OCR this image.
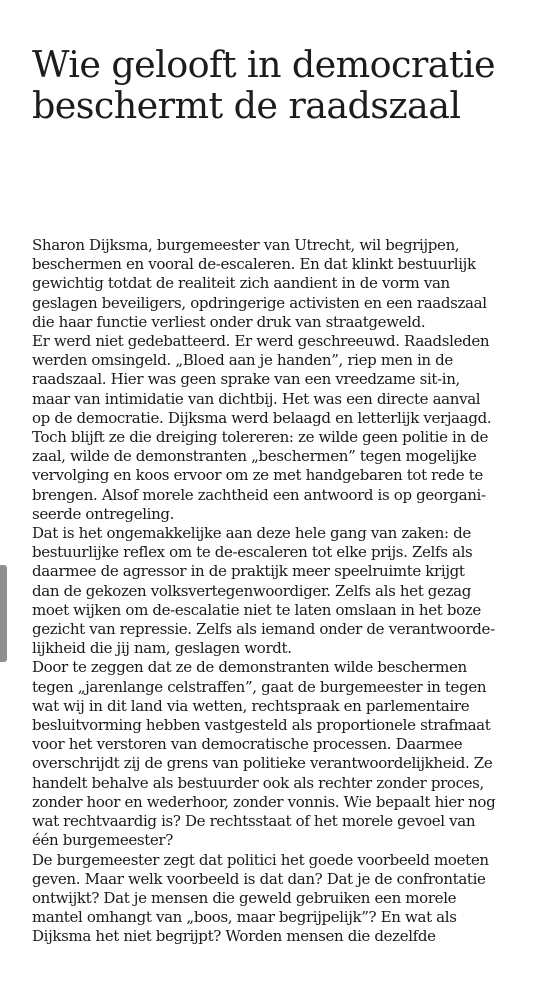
Wie gelooft in democratie
beschermt de raadszaal

Sharon Dijksma, burgemeester van Utrecht, wil begrijpen,
beschermen en vooral de-escaleren. En dat klinkt bestuurlijk
gewichtig totdat de realiteit zich aandient in de vorm van
geslagen beveiligers, opdringerige activisten en een raadszaal
die haar functie verliest onder druk van straatgeweld.

Er werd niet gedebatteerd. Er werd geschreeuwd. Raadsleden
werden omsingeld. „Bloed aan je handen”, riep men in de
raadszaal. Hier was geen sprake van een vreedzame sit-in,
maar van intimidatie van dichtbij. Het was een directe aanval
op de democratie. Dijksma werd belaagd en letterlijk verjaagd.
Toch blijft ze die dreiging tolereren: ze wilde geen politie in de
zaal, wilde de demonstranten „beschermen” tegen mogelijke
vervolging en koos ervoor om ze met handgebaren tot rede te
brengen. Alsof morele zachtheid een antwoord is op georgani-
seerde ontregeling.

Dat is het ongemakkelijke aan deze hele gang van zaken: de
bestuurlijke reflex om te de-escaleren tot elke prijs. Zelfs als
daarmee de agressor in de praktijk meer speelruimte krijgt
dan de gekozen volksvertegenwoordiger. Zelfs als het gezag
moet wijken om de-escalatie niet te laten omslaan in het boze
gezicht van repressie. Zelfs als iemand onder de verantwoorde-
lijkheid die jij nam, geslagen wordt.

Door te zeggen dat ze de demonstranten wilde beschermen
tegen „jarenlange celstraffen”, gaat de burgemeester in tegen
wat wij in dit land via wetten, rechtspraak en parlementaire
besluitvorming hebben vastgesteld als proportionele strafmaat
voor het verstoren van democratische processen. Daarmee
overschrijdt zij de grens van politieke verantwoordelijkheid. Ze
handelt behalve als bestuurder ook als rechter zonder proces,
zonder hoor en wederhoor, zonder vonnis. Wie bepaalt hier nog
wat rechtvaardig is? De rechtsstaat of het morele gevoel van
één burgemeester?

De burgemeester zegt dat politici het goede voorbeeld moeten
geven. Maar welk voorbeeld is dat dan? Dat je de confrontatie
ontwijkt? Dat je mensen die geweld gebruiken een morele
mantel omhangt van „boos, maar begrijpelijk”? En wat als
Dijksma het niet begrijpt? Worden mensen die dezelfde
